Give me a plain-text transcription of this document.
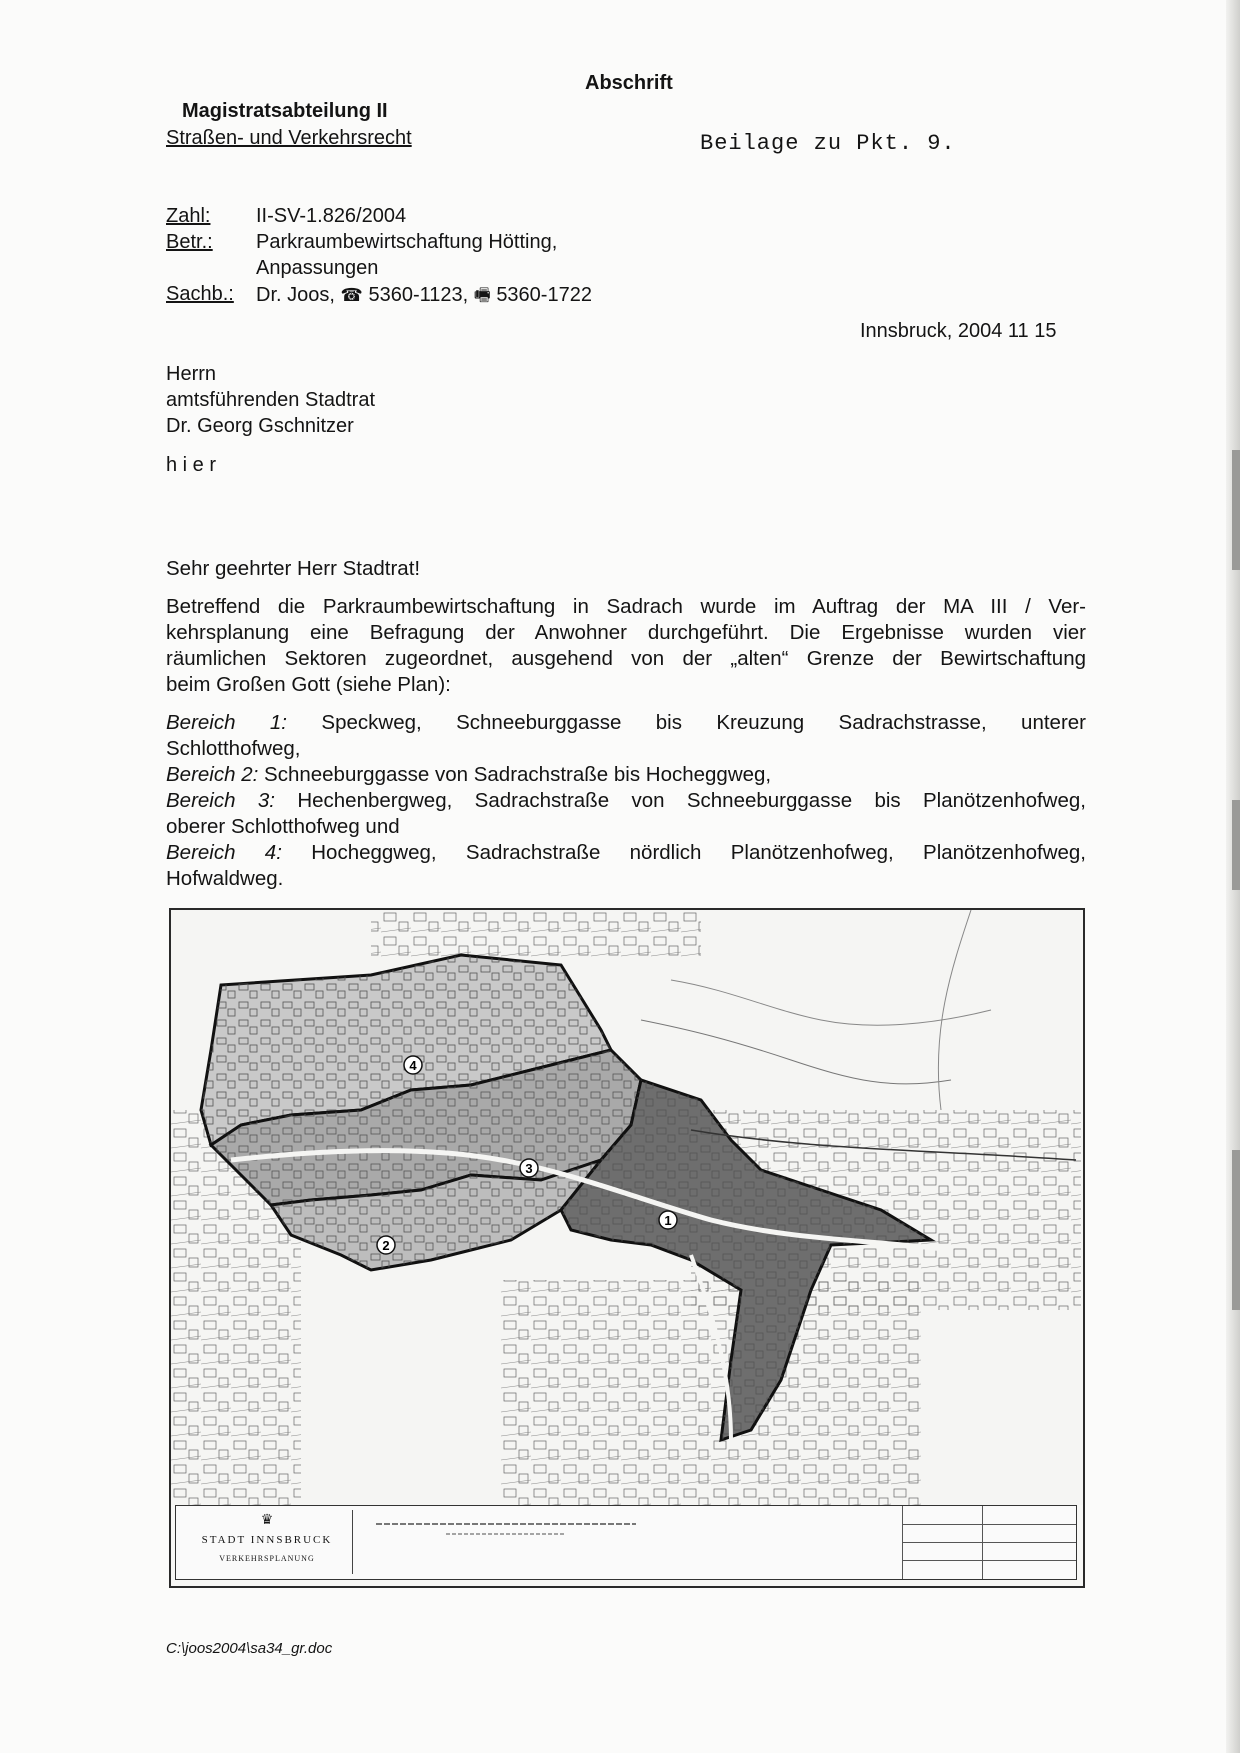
Abschrift
Magistratsabteilung II
Straßen- und Verkehrsrecht	Beilage zu Pkt. 9.
Zahl: II-SV-1.826/2004
Betr.: Parkraumbewirtschaftung Hötting,
Anpassungen
Sachb.: Dr. Joos, ☎ 5360-1123, 🖷 5360-1722
Innsbruck, 2004 11 15
Herrn
amtsführenden Stadtrat
Dr. Georg Gschnitzer
h i e r
Sehr geehrter Herr Stadtrat!
Betreffend die Parkraumbewirtschaftung in Sadrach wurde im Auftrag der MA III / Ver-
kehrsplanung eine Befragung der Anwohner durchgeführt. Die Ergebnisse wurden vier
räumlichen Sektoren zugeordnet, ausgehend von der „alten“ Grenze der Bewirtschaftung
beim Großen Gott (siehe Plan):
Bereich 1: Speckweg, Schneeburggasse bis Kreuzung Sadrachstrasse, unterer
Schlotthofweg,
Bereich 2: Schneeburggasse von Sadrachstraße bis Hocheggweg,
Bereich 3: Hechenbergweg, Sadrachstraße von Schneeburggasse bis Planötzenhofweg,
oberer Schlotthofweg und
Bereich 4: Hocheggweg, Sadrachstraße nördlich Planötzenhofweg, Planötzenhofweg,
Hofwaldweg.
1
2
3
4
♛
STADT INNSBRUCK
VERKEHRSPLANUNG
C:\joos2004\sa34_gr.doc
